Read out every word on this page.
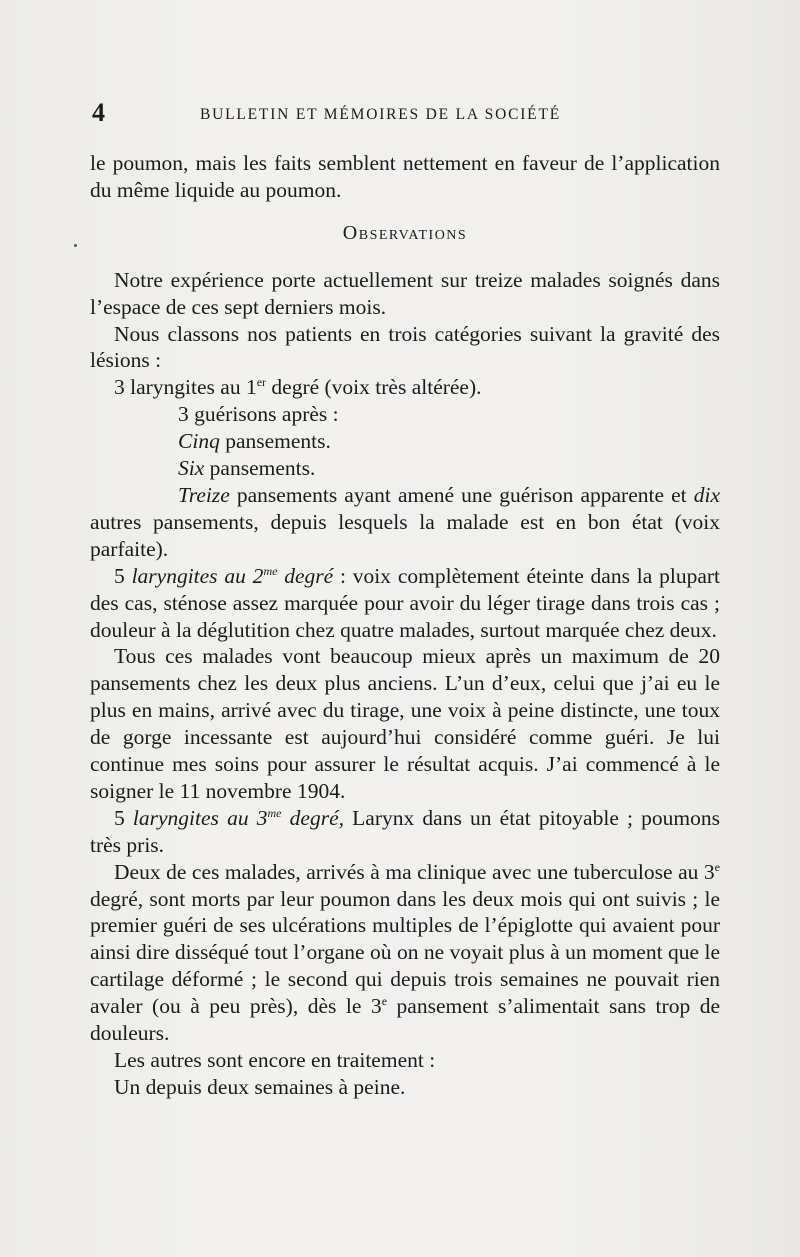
4	BULLETIN ET MÉMOIRES DE LA SOCIÉTÉ

le poumon, mais les faits semblent nettement en faveur de l’application du même liquide au poumon.

Observations

Notre expérience porte actuellement sur treize malades soignés dans l’espace de ces sept derniers mois.

Nous classons nos patients en trois catégories suivant la gravité des lésions :

3 laryngites au 1er degré (voix très altérée).

3 guérisons après :

Cinq pansements.

Six pansements.

Treize pansements ayant amené une guérison apparente et dix autres pansements, depuis lesquels la malade est en bon état (voix parfaite).

5 laryngites au $2^{me}$ degré : voix complètement éteinte dans la plupart des cas, sténose assez marquée pour avoir du léger tirage dans trois cas ; douleur à la déglutition chez quatre malades, surtout marquée chez deux.

Tous ces malades vont beaucoup mieux après un maximum de 20 pansements chez les deux plus anciens. L’un d’eux, celui que j’ai eu le plus en mains, arrivé avec du tirage, une voix à peine distincte, une toux de gorge incessante est aujourd’hui considéré comme guéri. Je lui continue mes soins pour assurer le résultat acquis. J’ai commencé à le soigner le 11 novembre 1904.

5 laryngites au $3^{me}$ degré, Larynx dans un état pitoyable ; poumons très pris.

Deux de ces malades, arrivés à ma clinique avec une tuberculose au 3e degré, sont morts par leur poumon dans les deux mois qui ont suivis ; le premier guéri de ses ulcérations multiples de l’épiglotte qui avaient pour ainsi dire disséqué tout l’organe où on ne voyait plus à un moment que le cartilage déformé ; le second qui depuis trois semaines ne pouvait rien avaler (ou à peu près), dès le 3e pansement s’alimentait sans trop de douleurs.

Les autres sont encore en traitement :

Un depuis deux semaines à peine.
